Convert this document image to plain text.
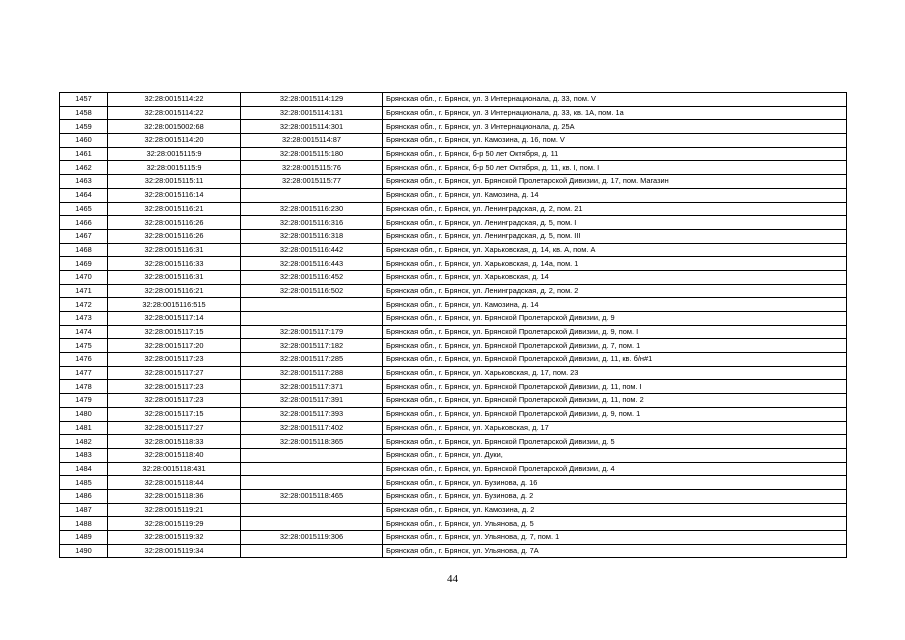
1457	32:28:0015114:22	32:28:0015114:129	Брянская обл., г. Брянск, ул. 3 Интернационала, д. 33, пом. V
1458	32:28:0015114:22	32:28:0015114:131	Брянская обл., г. Брянск, ул. 3 Интернационала, д. 33, кв. 1А, пом. 1а
1459	32:28:0015002:68	32:28:0015114:301	Брянская обл., г. Брянск, ул. 3 Интернационала, д. 25А
1460	32:28:0015114:20	32:28:0015114:87	Брянская обл., г. Брянск, ул. Камозина, д. 16, пом. V
1461	32:28:0015115:9	32:28:0015115:180	Брянская обл., г. Брянск, б-р 50 лет Октября, д. 11
1462	32:28:0015115:9	32:28:0015115:76	Брянская обл., г. Брянск, б-р 50 лет Октября, д. 11, кв. I, пом. I
1463	32:28:0015115:11	32:28:0015115:77	Брянская обл., г. Брянск, ул. Брянской Пролетарской Дивизии, д. 17, пом. Магазин
1464	32:28:0015116:14		Брянская обл., г. Брянск, ул. Камозина, д. 14
1465	32:28:0015116:21	32:28:0015116:230	Брянская обл., г. Брянск, ул. Ленинградская, д. 2, пом. 21
1466	32:28:0015116:26	32:28:0015116:316	Брянская обл., г. Брянск, ул. Ленинградская, д. 5, пом. I
1467	32:28:0015116:26	32:28:0015116:318	Брянская обл., г. Брянск, ул. Ленинградская, д. 5, пом. III
1468	32:28:0015116:31	32:28:0015116:442	Брянская обл., г. Брянск, ул. Харьковская, д. 14, кв. А, пом. А
1469	32:28:0015116:33	32:28:0015116:443	Брянская обл., г. Брянск, ул. Харьковская, д. 14а, пом. 1
1470	32:28:0015116:31	32:28:0015116:452	Брянская обл., г. Брянск, ул. Харьковская, д. 14
1471	32:28:0015116:21	32:28:0015116:502	Брянская обл., г. Брянск, ул. Ленинградская, д. 2, пом. 2
1472	32:28:0015116:515		Брянская обл., г. Брянск, ул. Камозина, д. 14
1473	32:28:0015117:14		Брянская обл., г. Брянск, ул. Брянской Пролетарской Дивизии, д. 9
1474	32:28:0015117:15	32:28:0015117:179	Брянская обл., г. Брянск, ул. Брянской Пролетарской Дивизии, д. 9, пом. I
1475	32:28:0015117:20	32:28:0015117:182	Брянская обл., г. Брянск, ул. Брянской Пролетарской Дивизии, д. 7, пом. 1
1476	32:28:0015117:23	32:28:0015117:285	Брянская обл., г. Брянск, ул. Брянской Пролетарской Дивизии, д. 11, кв. б/н#1
1477	32:28:0015117:27	32:28:0015117:288	Брянская обл., г. Брянск, ул. Харьковская, д. 17, пом. 23
1478	32:28:0015117:23	32:28:0015117:371	Брянская обл., г. Брянск, ул. Брянской Пролетарской Дивизии, д. 11, пом. I
1479	32:28:0015117:23	32:28:0015117:391	Брянская обл., г. Брянск, ул. Брянской Пролетарской Дивизии, д. 11, пом. 2
1480	32:28:0015117:15	32:28:0015117:393	Брянская обл., г. Брянск, ул. Брянской Пролетарской Дивизии, д. 9, пом. 1
1481	32:28:0015117:27	32:28:0015117:402	Брянская обл., г. Брянск, ул. Харьковская, д. 17
1482	32:28:0015118:33	32:28:0015118:365	Брянская обл., г. Брянск, ул. Брянской Пролетарской Дивизии, д. 5
1483	32:28:0015118:40		Брянская обл., г. Брянск, ул. Дуки,
1484	32:28:0015118:431		Брянская обл., г. Брянск, ул. Брянской Пролетарской Дивизии, д. 4
1485	32:28:0015118:44		Брянская обл., г. Брянск, ул. Бузинова, д. 16
1486	32:28:0015118:36	32:28:0015118:465	Брянская обл., г. Брянск, ул. Бузинова, д. 2
1487	32:28:0015119:21		Брянская обл., г. Брянск, ул. Камозина, д. 2
1488	32:28:0015119:29		Брянская обл., г. Брянск, ул. Ульянова, д. 5
1489	32:28:0015119:32	32:28:0015119:306	Брянская обл., г. Брянск, ул. Ульянова, д. 7, пом. 1
1490	32:28:0015119:34		Брянская обл., г. Брянск, ул. Ульянова, д. 7А
44
